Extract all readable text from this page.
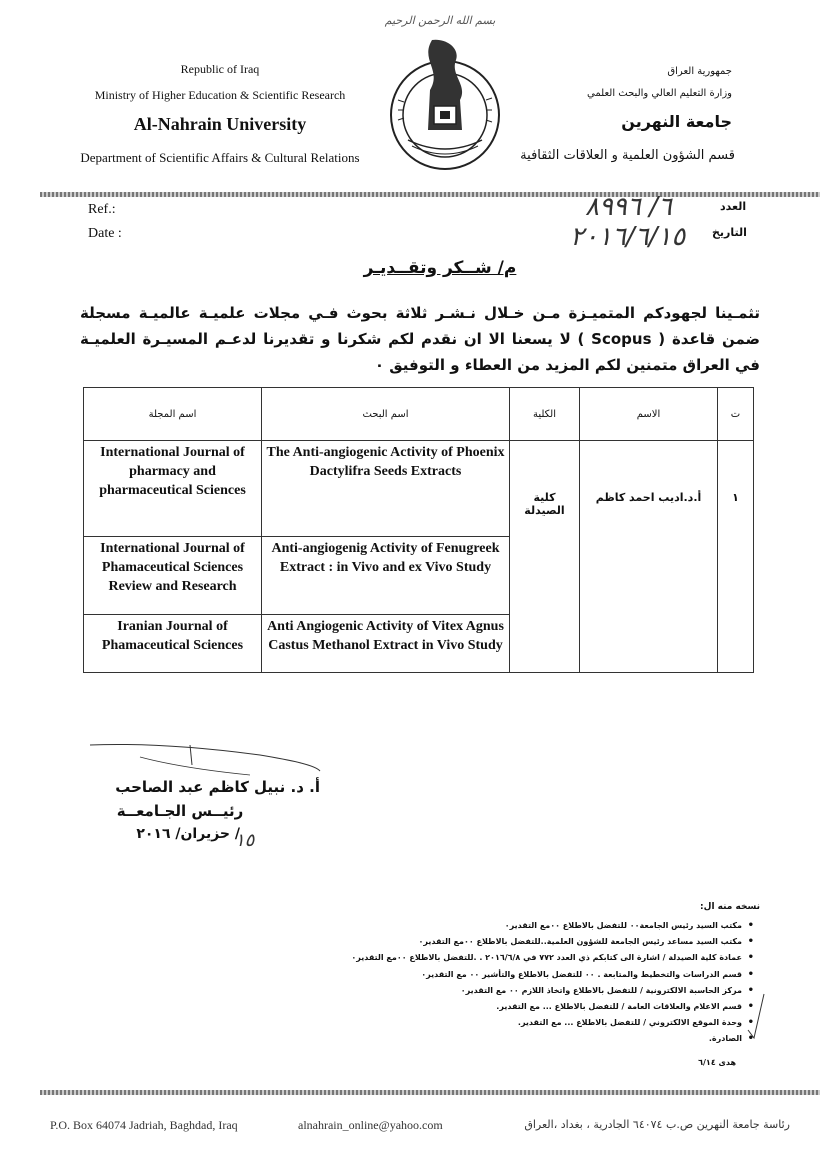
بسم الله الرحمن الرحيم
Republic of Iraq
Ministry of Higher Education & Scientific Research
Al-Nahrain University
Department of Scientific Affairs & Cultural Relations
جمهورية العراق
وزارة التعليم العالي والبحث العلمي
جامعة النهرين
قسم الشؤون العلمية و العلاقات الثقافية
Ref.:
Date :
العدد
التاريخ
٦/ ٨٩٩٦
٢٠١٦/٦/١٥
م/ شــكر وتقــديـر
تثمـينا لجهودكم المتميـزة مـن خـلال نـشـر ثلاثة بحوث فـي مجلات علميـة عالميـة مسجلة ضمن قاعدة ( Scopus ) لا يسعنا الا ان نقدم لكم شكرنا و تقديرنا لدعـم المسيـرة العلميـة في العراق متمنين لكم المزيد من العطاء و التوفيق ٠
اسم المجلة	اسم البحث	الكلية	الاسم	ت
International Journal of pharmacy and pharmaceutical Sciences	The Anti-angiogenic Activity of Phoenix Dactylifra Seeds Extracts	كلية الصيدلة	أ.د.اديب احمد كاظم	١
International Journal of Phamaceutical Sciences Review and Research	Anti-angiogenig Activity of Fenugreek Extract : in Vivo and ex Vivo Study			
Iranian Journal of Phamaceutical Sciences	Anti Angiogenic Activity of Vitex Agnus Castus Methanol Extract in Vivo Study			
أ. د. نبيل كاظم عبد الصاحب
رئيــس الجـامعــة
/ حزيران/ ٢٠١٦
١٥
نسخه منه ال:
• مكتب السيد رئيس الجامعة٠٠ للتفضل بالاطلاع ٠٠مع التقدير٠
• مكتب السيد مساعد رئيس الجامعة للشؤون العلمية..للتفضل بالاطلاع ٠٠مع التقدير٠
• عمادة كلية الصيدلة / اشارة الى كتابكم ذي العدد ٧٧٢ في ٢٠١٦/٦/٨ . .للتفضل بالاطلاع ٠٠مع التقدير٠
• قسم الدراسات والتخطيط والمتابعة . ٠٠ للتفضل بالاطلاع والتأشير ٠٠ مع التقدير٠
• مركز الحاسبة الالكترونية / للتفضل بالاطلاع واتخاذ اللازم ٠٠ مع التقدير٠
• قسم الاعلام والعلاقات العامة / للتفضل بالاطلاع ... مع التقدير.
• وحدة الموقع الالكتروني / للتفضل بالاطلاع ... مع التقدير.
• الصادرة.
هدى ٦/١٤
P.O. Box 64074 Jadriah, Baghdad, Iraq	alnahrain_online@yahoo.com	رئاسة جامعة النهرين ص.ب ٦٤٠٧٤ الجادرية ، بغداد ،العراق
